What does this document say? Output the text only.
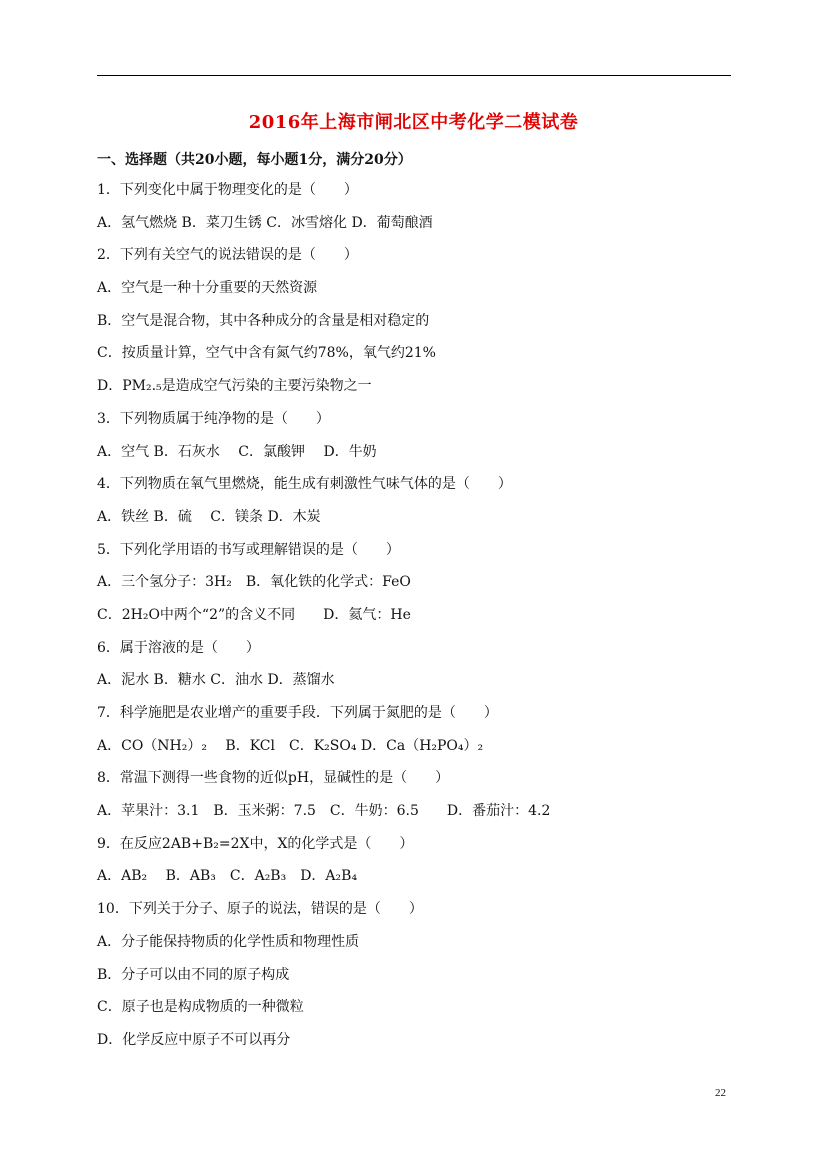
2016年上海市闸北区中考化学二模试卷
一、选择题（共20小题，每小题1分，满分20分）
1．下列变化中属于物理变化的是（　　）
A．氢气燃烧 B．菜刀生锈 C．冰雪熔化 D．葡萄酿酒
2．下列有关空气的说法错误的是（　　）
A．空气是一种十分重要的天然资源
B．空气是混合物，其中各种成分的含量是相对稳定的
C．按质量计算，空气中含有氮气约78%，氧气约21%
D．PM₂.₅是造成空气污染的主要污染物之一
3．下列物质属于纯净物的是（　　）
A．空气 B．石灰水　 C．氯酸钾　 D．牛奶
4．下列物质在氧气里燃烧，能生成有刺激性气味气体的是（　　）
A．铁丝 B．硫　 C．镁条 D．木炭
5．下列化学用语的书写或理解错误的是（　　）
A．三个氢分子：3H₂　B．氧化铁的化学式：FeO
C．2H₂O中两个“2”的含义不同　　D．氦气：He
6．属于溶液的是（　　）
A．泥水 B．糖水 C．油水 D．蒸馏水
7．科学施肥是农业增产的重要手段．下列属于氮肥的是（　　）
A．CO（NH₂）₂　 B．KCl　C．K₂SO₄ D．Ca（H₂PO₄）₂
8．常温下测得一些食物的近似pH，显碱性的是（　　）
A．苹果汁：3.1　B．玉米粥：7.5　C．牛奶：6.5　　D．番茄汁：4.2
9．在反应2AB+B₂=2X中，X的化学式是（　　）
A．AB₂　 B．AB₃　C．A₂B₃　D．A₂B₄
10．下列关于分子、原子的说法，错误的是（　　）
A．分子能保持物质的化学性质和物理性质
B．分子可以由不同的原子构成
C．原子也是构成物质的一种微粒
D．化学反应中原子不可以再分
22
